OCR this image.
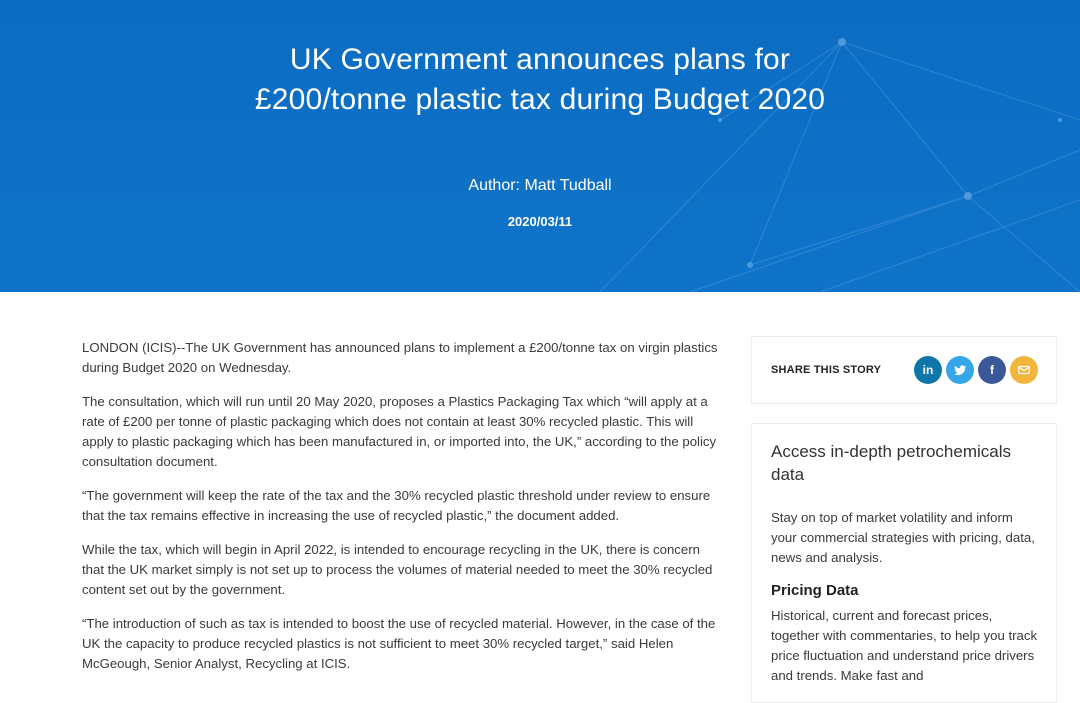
UK Government announces plans for £200/tonne plastic tax during Budget 2020
Author: Matt Tudball
2020/03/11

LONDON (ICIS)--The UK Government has announced plans to implement a £200/tonne tax on virgin plastics during Budget 2020 on Wednesday.

The consultation, which will run until 20 May 2020, proposes a Plastics Packaging Tax which “will apply at a rate of £200 per tonne of plastic packaging which does not contain at least 30% recycled plastic. This will apply to plastic packaging which has been manufactured in, or imported into, the UK,” according to the policy consultation document.

“The government will keep the rate of the tax and the 30% recycled plastic threshold under review to ensure that the tax remains effective in increasing the use of recycled plastic,” the document added.

While the tax, which will begin in April 2022, is intended to encourage recycling in the UK, there is concern that the UK market simply is not set up to process the volumes of material needed to meet the 30% recycled content set out by the government.

“The introduction of such as tax is intended to boost the use of recycled material. However, in the case of the UK the capacity to produce recycled plastics is not sufficient to meet 30% recycled target,” said Helen McGeough, Senior Analyst, Recycling at ICIS.

SHARE THIS STORY	in	f
Access in-depth petrochemicals data
Stay on top of market volatility and inform your commercial strategies with pricing, data, news and analysis.
Pricing Data
Historical, current and forecast prices, together with commentaries, to help you track price fluctuation and understand price drivers and trends. Make fast and
